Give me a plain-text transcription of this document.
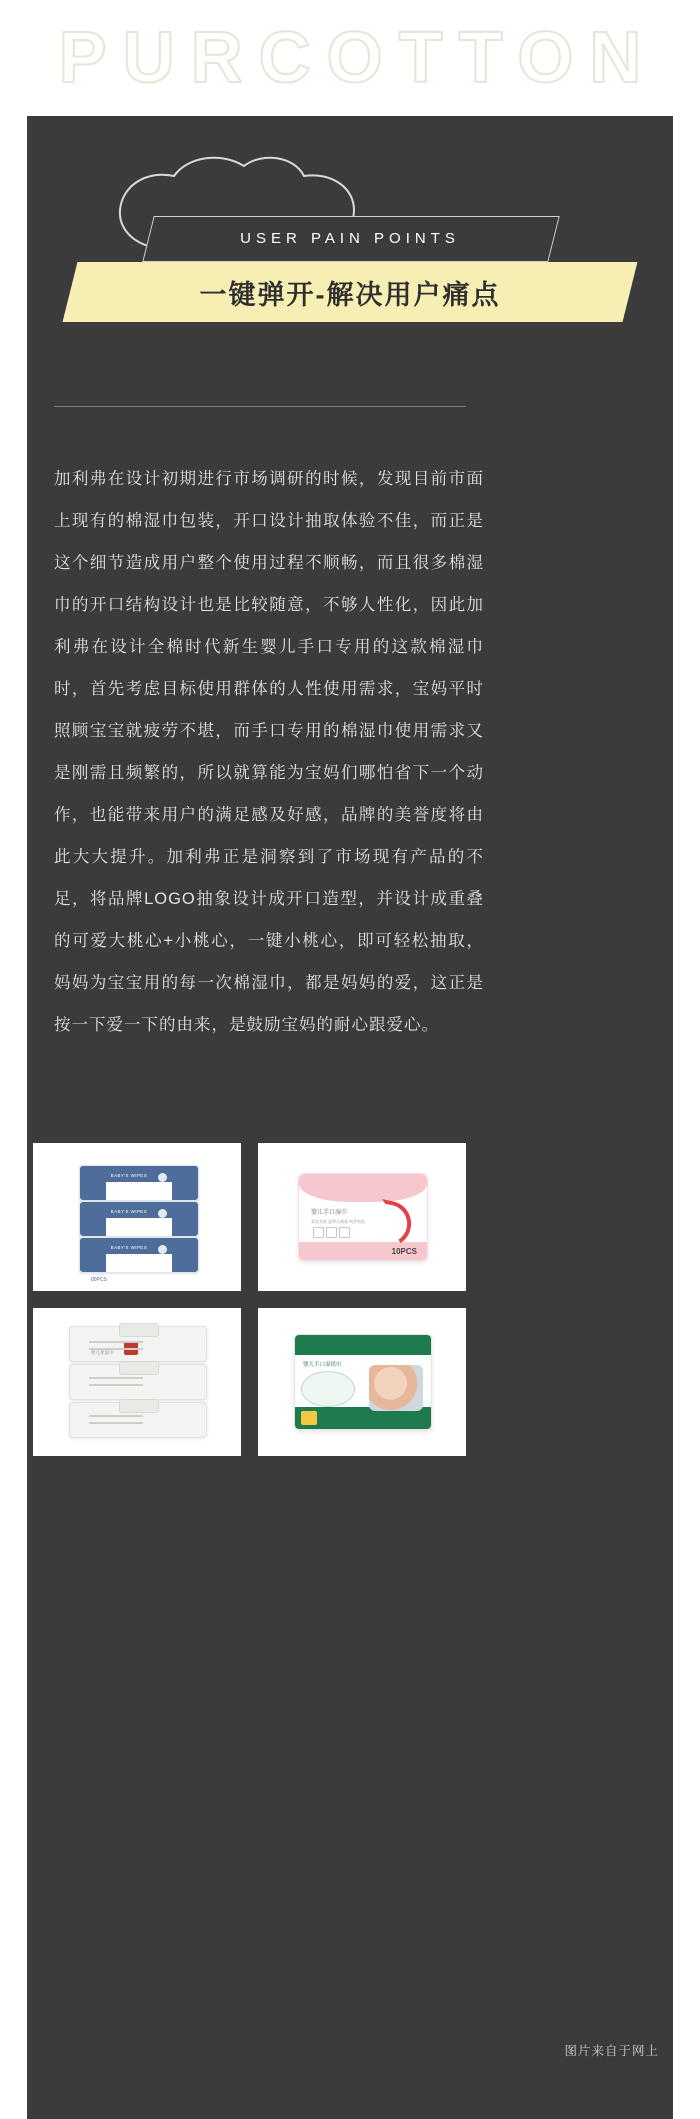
PURCOTTON
USER PAIN POINTS
一键弹开-解决用户痛点
加利弗在设计初期进行市场调研的时候，发现目前市面上现有的棉湿巾包装，开口设计抽取体验不佳，而正是这个细节造成用户整个使用过程不顺畅，而且很多棉湿巾的开口结构设计也是比较随意，不够人性化，因此加利弗在设计全棉时代新生婴儿手口专用的这款棉湿巾时，首先考虑目标使用群体的人性使用需求，宝妈平时照顾宝宝就疲劳不堪，而手口专用的棉湿巾使用需求又是刚需且频繁的，所以就算能为宝妈们哪怕省下一个动作，也能带来用户的满足感及好感，品牌的美誉度将由此大大提升。加利弗正是洞察到了市场现有产品的不足，将品牌LOGO抽象设计成开口造型，并设计成重叠的可爱大桃心+小桃心，一键小桃心，即可轻松抽取，妈妈为宝宝用的每一次棉湿巾，都是妈妈的爱，这正是按一下爱一下的由来，是鼓励宝妈的耐心跟爱心。
BABY'S WIPES
BABY'S WIPES
BABY'S WIPES
80PCS
婴儿手口湿巾
柔软亲肤 温和无刺激 呵护肌肤
10PCS
婴儿柔湿巾
婴儿手口湿纸巾
图片来自于网上
